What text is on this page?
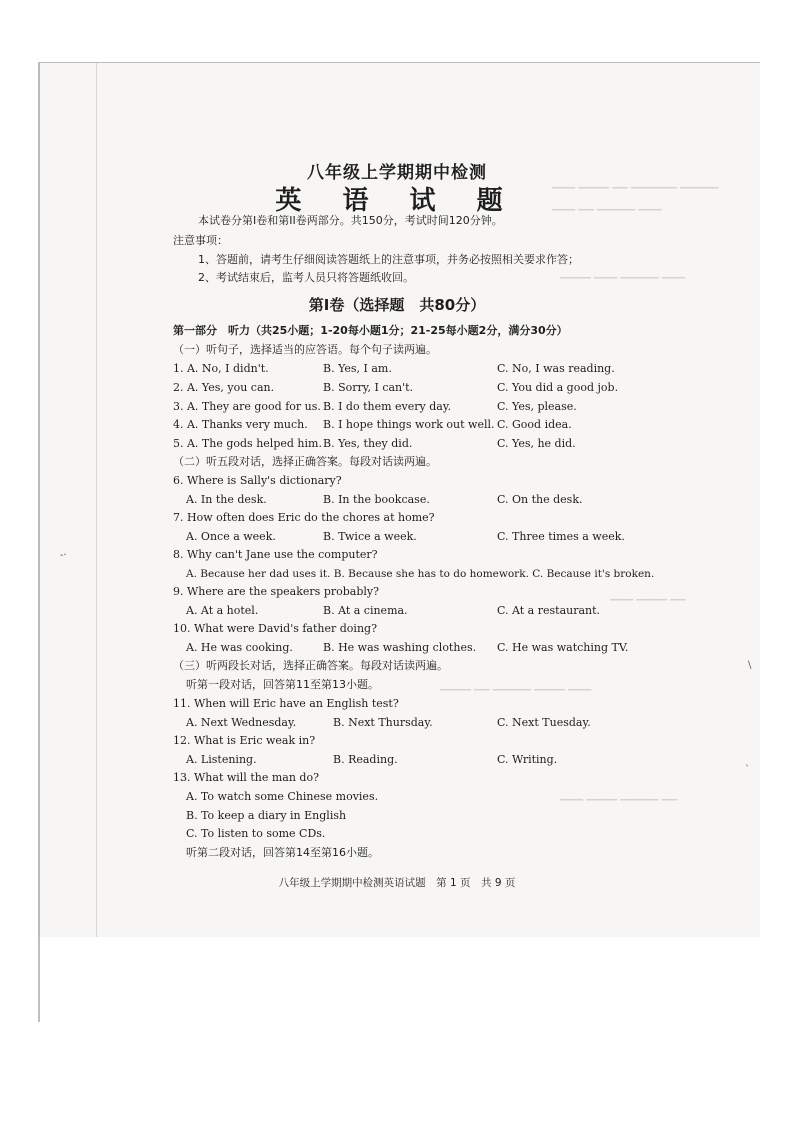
▁▁▁ ▁▁▁▁ ▁▁ ▁▁▁▁▁▁ ▁▁▁▁▁
▁▁▁ ▁▁ ▁▁▁▁▁ ▁▁▁
▁▁▁▁ ▁▁▁ ▁▁▁▁▁ ▁▁▁
▁▁▁ ▁▁▁▁ ▁▁
▁▁▁▁ ▁▁ ▁▁▁▁▁ ▁▁▁▁ ▁▁▁
▁▁▁ ▁▁▁▁ ▁▁▁▁▁ ▁▁
-·
\
`
八年级上学期期中检测
英 语 试 题
本试卷分第I卷和第II卷两部分。共150分，考试时间120分钟。
注意事项：
1、答题前，请考生仔细阅读答题纸上的注意事项，并务必按照相关要求作答；
2、考试结束后，监考人员只将答题纸收回。
第I卷（选择题　共80分）
第一部分　听力（共25小题；1-20每小题1分；21-25每小题2分，满分30分）
（一）听句子，选择适当的应答语。每个句子读两遍。
1. A. No, I didn't.	B. Yes, I am.	C. No, I was reading.
2. A. Yes, you can.	B. Sorry, I can't.	C. You did a good job.
3. A. They are good for us. B. I do them every day.	C. Yes, please.
4. A. Thanks very much. B. I hope things work out well. C. Good idea.
5. A. The gods helped him. B. Yes, they did.	C. Yes, he did.
（二）听五段对话，选择正确答案。每段对话读两遍。
6. Where is Sally's dictionary?
A. In the desk.	B. In the bookcase.	C. On the desk.
7. How often does Eric do the chores at home?
A. Once a week.	B. Twice a week.	C. Three times a week.
8. Why can't Jane use the computer?
A. Because her dad uses it. B. Because she has to do homework. C. Because it's broken.
9. Where are the speakers probably?
A. At a hotel.	B. At a cinema.	C. At a restaurant.
10. What were David's father doing?
A. He was cooking.	B. He was washing clothes. C. He was watching TV.
（三）听两段长对话，选择正确答案。每段对话读两遍。
听第一段对话，回答第11至第13小题。
11. When will Eric have an English test?
A. Next Wednesday.	B. Next Thursday.	C. Next Tuesday.
12. What is Eric weak in?
A. Listening.	B. Reading.	C. Writing.
13. What will the man do?
A. To watch some Chinese movies.
B. To keep a diary in English
C. To listen to some CDs.
听第二段对话，回答第14至第16小题。
八年级上学期期中检测英语试题　第 1 页　共 9 页
